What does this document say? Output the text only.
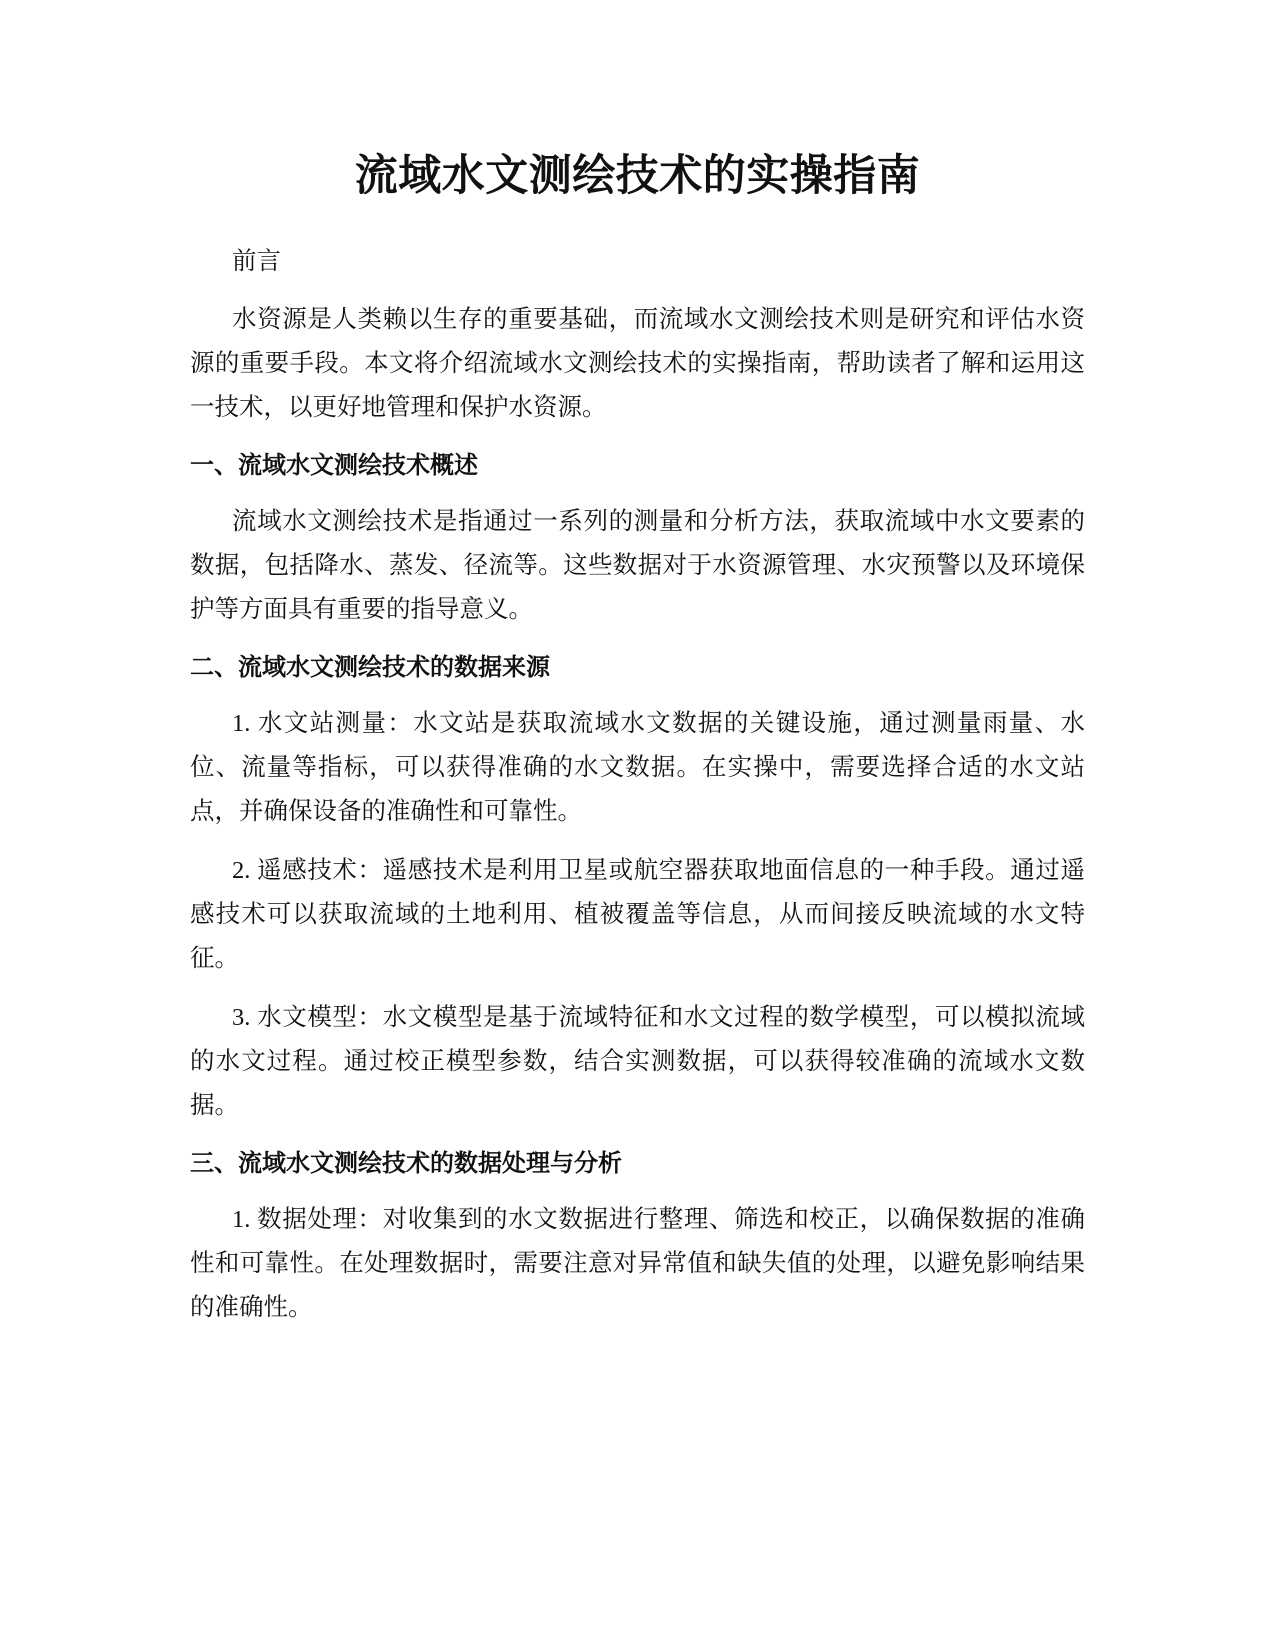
流域水文测绘技术的实操指南

前言

水资源是人类赖以生存的重要基础，而流域水文测绘技术则是研究和评估水资源的重要手段。本文将介绍流域水文测绘技术的实操指南，帮助读者了解和运用这一技术，以更好地管理和保护水资源。

一、流域水文测绘技术概述

流域水文测绘技术是指通过一系列的测量和分析方法，获取流域中水文要素的数据，包括降水、蒸发、径流等。这些数据对于水资源管理、水灾预警以及环境保护等方面具有重要的指导意义。

二、流域水文测绘技术的数据来源

1. 水文站测量：水文站是获取流域水文数据的关键设施，通过测量雨量、水位、流量等指标，可以获得准确的水文数据。在实操中，需要选择合适的水文站点，并确保设备的准确性和可靠性。

2. 遥感技术：遥感技术是利用卫星或航空器获取地面信息的一种手段。通过遥感技术可以获取流域的土地利用、植被覆盖等信息，从而间接反映流域的水文特征。

3. 水文模型：水文模型是基于流域特征和水文过程的数学模型，可以模拟流域的水文过程。通过校正模型参数，结合实测数据，可以获得较准确的流域水文数据。

三、流域水文测绘技术的数据处理与分析

1. 数据处理：对收集到的水文数据进行整理、筛选和校正，以确保数据的准确性和可靠性。在处理数据时，需要注意对异常值和缺失值的处理，以避免影响结果的准确性。
